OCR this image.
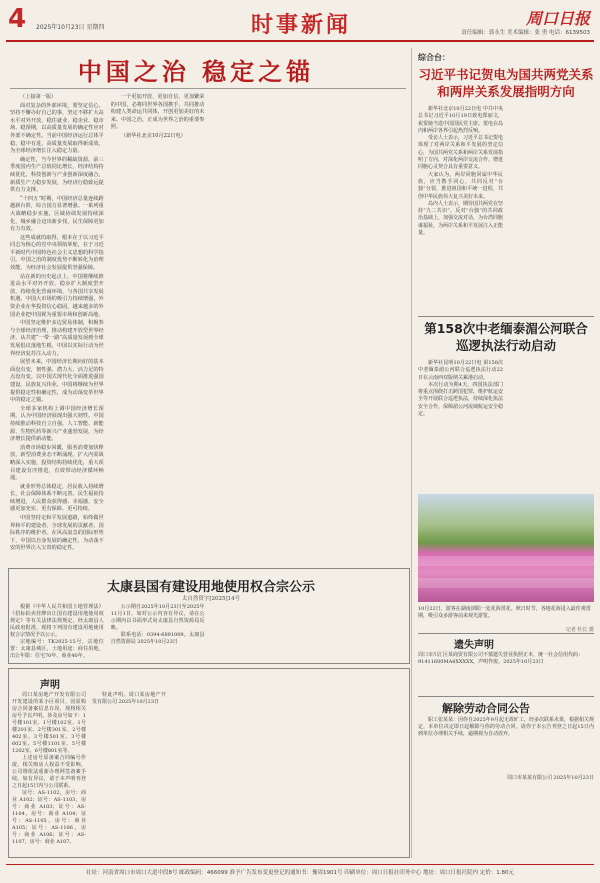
4 2025年10月23日 星期四	时事新闻	周口日报
责任编辑：郭永生 美术编辑：张 勇 电话：6139503
中国之治 稳定之锚

（上接第一版）

面对复杂的外部环境，要坚定信心，坚持不懈办好自己的事，坚定不移扩大高水平对外开放，稳住就业、稳企业、稳市场、稳预期，以高质量发展的确定性应对外部不确定性。当前中国经济运行总体平稳、稳中有进，高质量发展取得新成效，为全球经济增长注入稳定力量。

确定性，当今世界的稀缺资源。前三季度国内生产总值同比增长，经济结构持续优化，科技创新与产业创新深度融合，新质生产力稳步发展，为经济行稳致远提供有力支撑。

“十四五”时期，中国经济总量连续跨越新台阶，综合国力显著增强。一系列重大战略稳步实施，区域协调发展持续深化，城乡融合迈出新步伐，民生保障更加有力有效。

这些成就的取得，根本在于以习近平同志为核心的党中央领航掌舵，在于习近平新时代中国特色社会主义思想的科学指引。中国之治的制度优势不断转化为治理效能，为经济社会发展提供坚强保障。

站在新的历史起点上，中国将继续推进高水平对外开放，稳步扩大制度型开放，持续优化营商环境，与各国共享发展机遇。中国大市场的吸引力持续增强，外资企业在华投资信心稳固，越来越多的外国企业把中国视为重要市场和创新高地。

中国坚定维护多边贸易体制，积极参与全球经济治理，推动构建开放型世界经济。从共建“一带一路”高质量发展到全球发展倡议落地生根，中国以实际行动为世界经济复苏注入动力。

展望未来，中国经济长期向好的基本面没有变，韧性强、潜力大、活力足的特点没有变。以中国式现代化全面推进强国建设、民族复兴伟业，中国将继续为世界提供稳定性和确定性，成为动荡变革世界中的稳定之锚。

全球多家机构上调中国经济增长预期，认为中国经济展现出强大韧性。中国持续推动科技自立自强，人工智能、新能源、生物医药等新兴产业蓬勃发展，为经济增长提供新动能。

消费市场稳步回暖，服务消费加快释放，新型消费业态不断涌现。扩大内需战略深入实施，投资结构持续优化，重大项目建设有序推进，有效带动经济循环畅通。

就业形势总体稳定，居民收入持续增长，社会保障体系不断完善。民生福祉持续增进，人民群众获得感、幸福感、安全感更加充实、更有保障、更可持续。

中国坚持走和平发展道路，始终做世界和平的建设者、全球发展的贡献者、国际秩序的维护者。在风高浪急的国际形势下，中国以自身发展的确定性，为动荡不安的世界注入宝贵的稳定性。

一个更加开放、更加自信、更加繁荣的中国，必将同世界各国携手，共同推动构建人类命运共同体，开创更加美好的未来。中国之治，正成为世界之治的重要参照。

（新华社北京10月22日电）

综合台：
习近平书记贺电为国共两党关系和两岸关系发展指明方向

新华社北京10月22日电 中共中央总书记习近平10月19日致电郑丽文，祝贺她当选中国国民党主席。贺电在岛内和两岸各界引起热烈反响。

受访人士表示，习近平总书记贺电体现了对两岸关系和平发展的坚定信心，为国共两党关系和两岸关系发展指明了方向，对深化两岸交流合作、增进同胞心灵契合具有重要意义。

大家认为，两岸同胞同属中华民族，应当携手同心，共同反对“台独”分裂，推进祖国和平统一进程，共创中华民族伟大复兴美好未来。

岛内人士表示，期待国共两党在坚持“九二共识”、反对“台独”的共同政治基础上，加强交流对话，为台湾同胞谋福祉，为两岸关系和平发展注入正能量。

第158次中老缅泰湄公河联合巡逻执法行动启动

新华社昆明10月22日电 第158次中老缅泰湄公河联合巡逻执法行动22日在云南西双版纳关累港启动。

本次行动为期4天，四国执法部门将重点围绕打击跨国犯罪、维护航运安全等开展联合巡逻执法，持续深化执法安全合作，保障湄公河流域航运安全稳定。

10月22日，游客在湖南浏阳一处花海赏花。秋日时节，各地花海进入最佳观赏期，吸引众多游客前来观光游览。
记者 杜长 摄
遗失声明
周口市川汇区某商贸有限公司不慎遗失营业执照正本，统一社会信用代码：91411600MA4XXXXX，声明作废。2025年10月23日
解除劳动合同公告

职工张某某：因你自2025年9月起无故旷工，经多次联系未果，根据相关规定，本单位决定即日起解除与你的劳动合同。请你于本公告刊登之日起15日内到单位办理相关手续，逾期视为自动放弃。

周口市某某有限公司 2025年10月23日
太康县国有建设用地使用权合宗公示
太自然资字[2025]14号

根据《中华人民共和国土地管理法》《招标拍卖挂牌出让国有建设用地使用权规定》等有关法律法规规定，经太康县人民政府批准，现将下列国有建设用地使用权合宗情况予以公示。

宗地编号：TK2025-15号，宗地位置：太康县城区，土地用途：商住用地，出让年限：住宅70年、商业40年。

公示期自2025年10月23日至2025年11月1日。如对公示内容有异议，请在公示期内以书面形式向太康县自然资源局反映。

联系电话：0394-6891009。太康县自然资源局 2025年10月23日

声明

周口某房地产开发有限公司开发建设的某小区项目，因原购房合同备案信息有误，现将相关房号予以声明。涉及房号如下：1号楼101室、1号楼102室、1号楼201室、2号楼301室、2号楼402室、3号楼501室、3号楼602室、5号楼1101室、5号楼1202室、6号楼801室等。

上述房号原备案合同编号作废，相关购房人权益不受影响，公司将依法重新办理网签备案手续。如有异议，请于本声明刊登之日起15日内与公司联系。

证号：AS-1102，房号：商业 A102；证号：AS-1103，房号：商业 A103；证号：AS-1104，房号：商业 A104；证号：AS-1105，房号：商业 A105；证号：AS-1106，房号：商业 A106；证号：AS-1107，房号：商业 A107。

特此声明。周口某房地产开发有限公司 2025年10月23日

社址：河南省周口市周口大道中段8号 邮政编码：466099 准予广告发布变更登记的通知书：豫周1901号 印刷单位：周口日报社印务中心 地址：周口日报社院内 定价：1.80元
